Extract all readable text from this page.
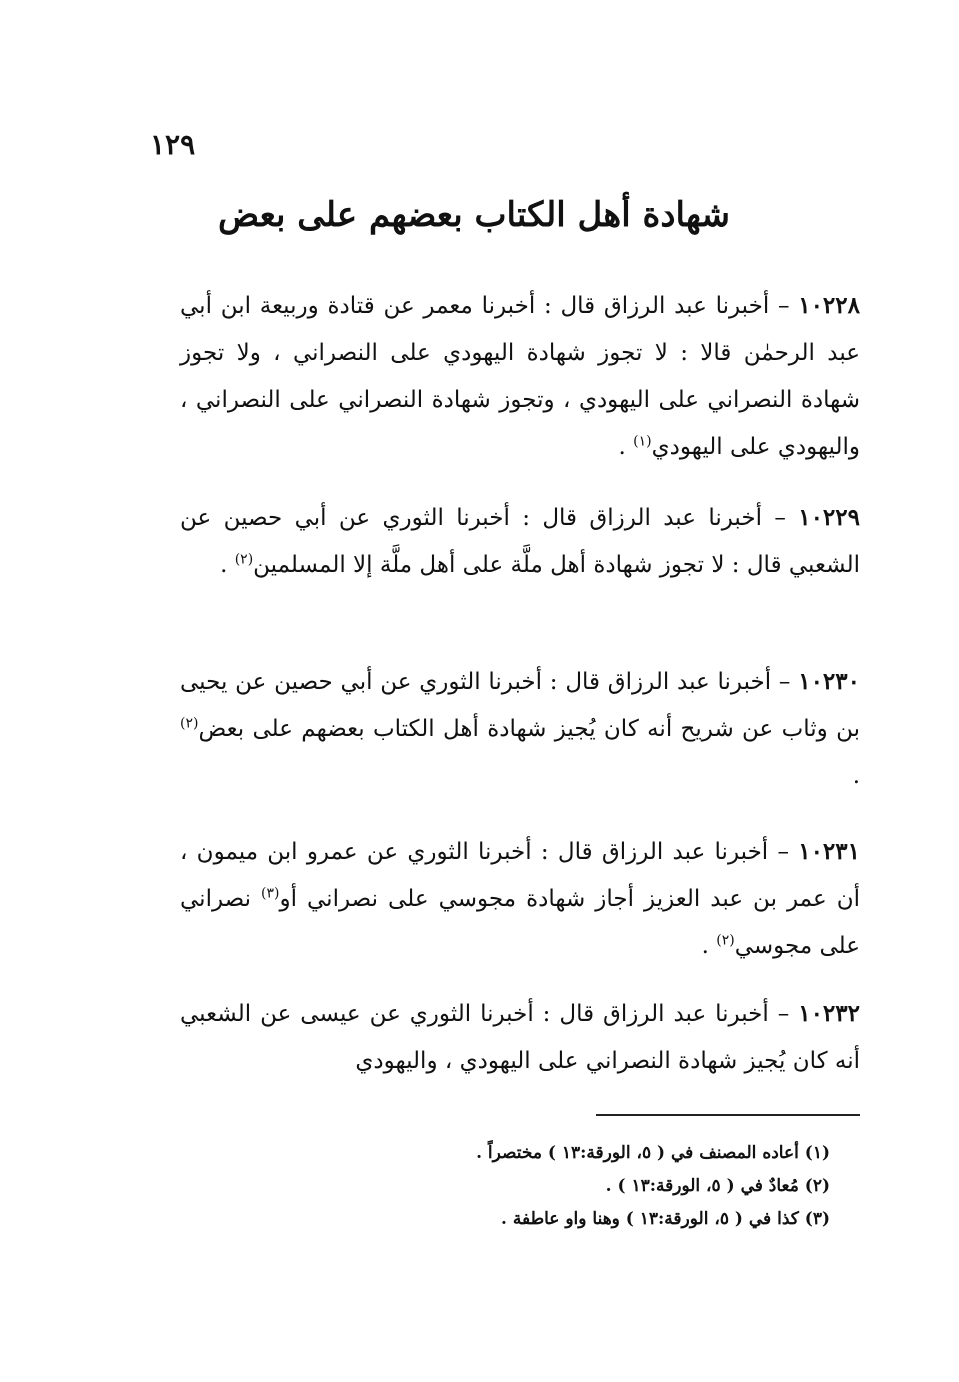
١٢٩
شهادة أهل الكتاب بعضهم على بعض
١٠٢٢٨ – أخبرنا عبد الرزاق قال : أخبرنا معمر عن قتادة وربيعة ابن أبي عبد الرحمٰن قالا : لا تجوز شهادة اليهودي على النصراني ، ولا تجوز شهادة النصراني على اليهودي ، وتجوز شهادة النصراني على النصراني ، واليهودي على اليهودي$^{(١)}$ .
١٠٢٢٩ – أخبرنا عبد الرزاق قال : أخبرنا الثوري عن أبي حصين عن الشعبي قال : لا تجوز شهادة أهل ملَّة على أهل ملَّة إلا المسلمين$^{(٢)}$ .
١٠٢٣٠ – أخبرنا عبد الرزاق قال : أخبرنا الثوري عن أبي حصين عن يحيى بن وثاب عن شريح أنه كان يُجيز شهادة أهل الكتاب بعضهم على بعض$^{(٢)}$ .
١٠٢٣١ – أخبرنا عبد الرزاق قال : أخبرنا الثوري عن عمرو ابن ميمون ، أن عمر بن عبد العزيز أجاز شهادة مجوسي على نصراني أو$^{(٣)}$ نصراني على مجوسي$^{(٢)}$ .
١٠٢٣٢ – أخبرنا عبد الرزاق قال : أخبرنا الثوري عن عيسى عن الشعبي أنه كان يُجيز شهادة النصراني على اليهودي ، واليهودي
(١) أعاده المصنف في ( ٥، الورقة:١٣ ) مختصراً .
(٢) مُعادٌ في ( ٥، الورقة:١٣ ) .
(٣) كذا في ( ٥، الورقة:١٣ ) وهنا واو عاطفة .
